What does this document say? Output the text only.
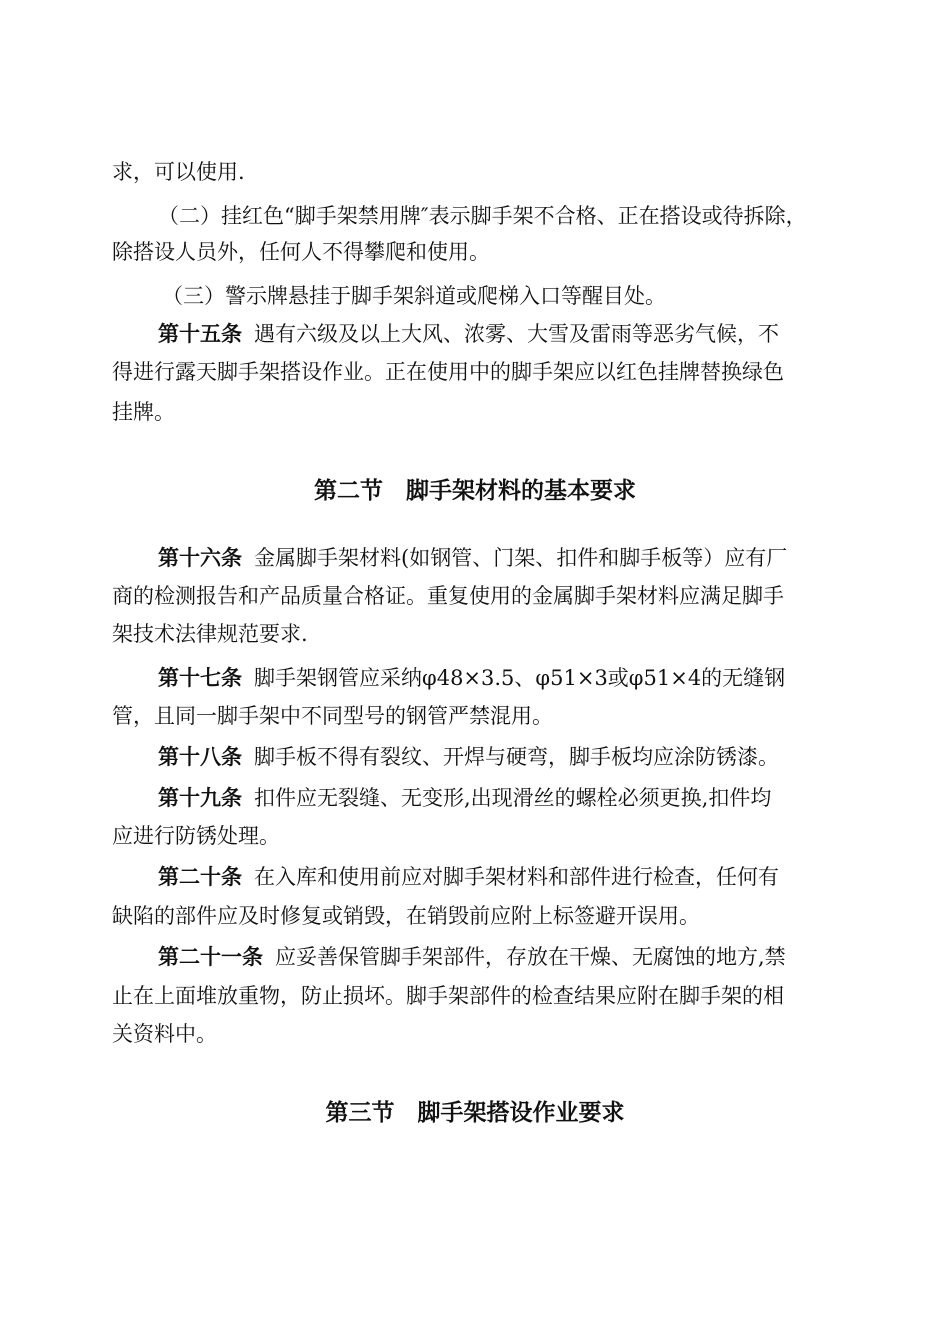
求，可以使用.
（二）挂红色“脚手架禁用牌″表示脚手架不合格、正在搭设或待拆除，
除搭设人员外，任何人不得攀爬和使用。
（三）警示牌悬挂于脚手架斜道或爬梯入口等醒目处。
第十五条 遇有六级及以上大风、浓雾、大雪及雷雨等恶劣气候，不
得进行露天脚手架搭设作业。正在使用中的脚手架应以红色挂牌替换绿色
挂牌。
第二节　脚手架材料的基本要求
第十六条 金属脚手架材料(如钢管、门架、扣件和脚手板等）应有厂
商的检测报告和产品质量合格证。重复使用的金属脚手架材料应满足脚手
架技术法律规范要求.
第十七条 脚手架钢管应采纳φ48×3.5、φ51×3或φ51×4的无缝钢
管，且同一脚手架中不同型号的钢管严禁混用。
第十八条 脚手板不得有裂纹、开焊与硬弯，脚手板均应涂防锈漆。
第十九条 扣件应无裂缝、无变形,出现滑丝的螺栓必须更换,扣件均
应进行防锈处理。
第二十条 在入库和使用前应对脚手架材料和部件进行检查，任何有
缺陷的部件应及时修复或销毁，在销毁前应附上标签避开误用。
第二十一条 应妥善保管脚手架部件，存放在干燥、无腐蚀的地方,禁
止在上面堆放重物，防止损坏。脚手架部件的检查结果应附在脚手架的相
关资料中。
第三节　脚手架搭设作业要求
